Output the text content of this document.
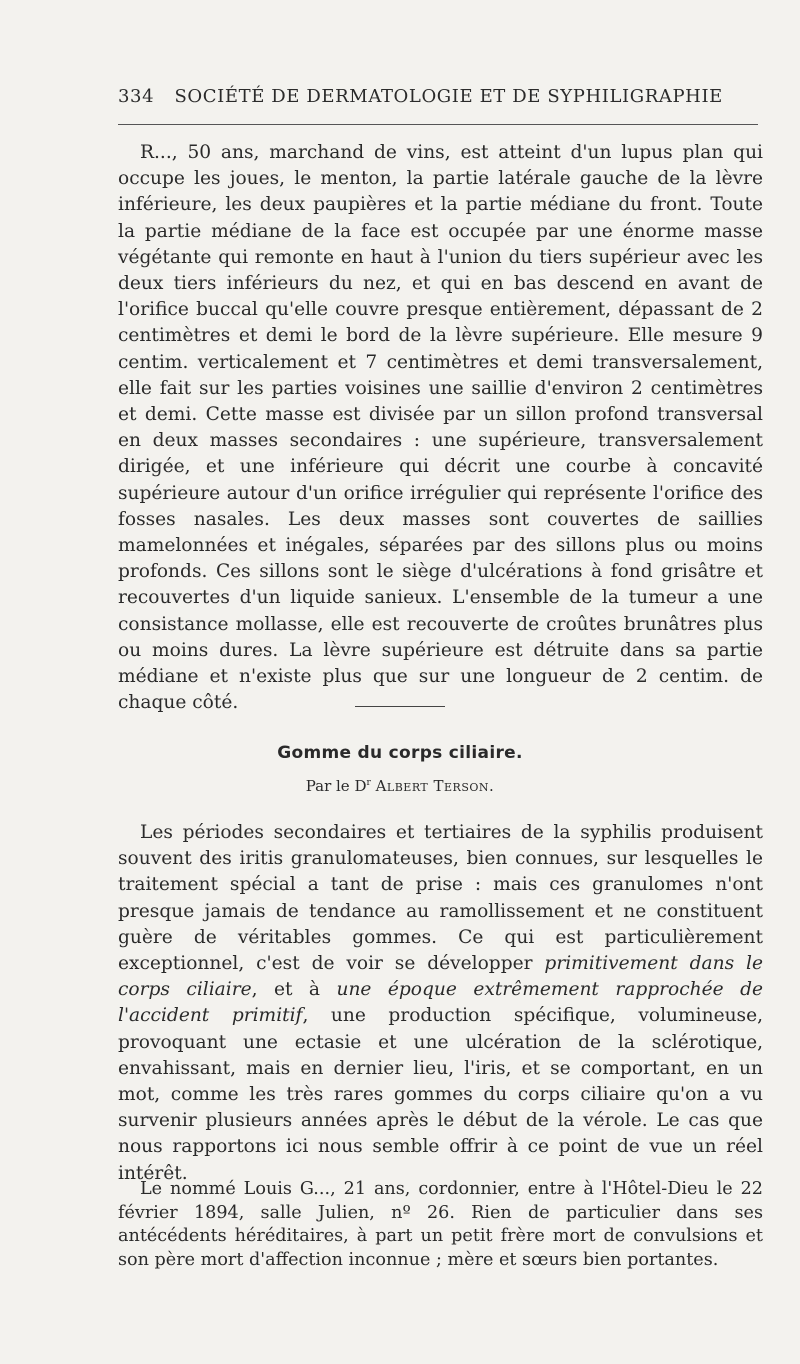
334 SOCIÉTÉ DE DERMATOLOGIE ET DE SYPHILIGRAPHIE

R..., 50 ans, marchand de vins, est atteint d'un lupus plan qui occupe les joues, le menton, la partie latérale gauche de la lèvre inférieure, les deux paupières et la partie médiane du front. Toute la partie médiane de la face est occupée par une énorme masse végétante qui remonte en haut à l'union du tiers supérieur avec les deux tiers inférieurs du nez, et qui en bas descend en avant de l'orifice buccal qu'elle couvre presque entièrement, dépassant de 2 centimètres et demi le bord de la lèvre supérieure. Elle mesure 9 centim. verticalement et 7 centimètres et demi transversalement, elle fait sur les parties voisines une saillie d'environ 2 centimètres et demi. Cette masse est divisée par un sillon profond transversal en deux masses secondaires : une supérieure, transversalement dirigée, et une inférieure qui décrit une courbe à concavité supérieure autour d'un orifice irrégulier qui représente l'orifice des fosses nasales. Les deux masses sont couvertes de saillies mamelonnées et inégales, séparées par des sillons plus ou moins profonds. Ces sillons sont le siège d'ulcérations à fond grisâtre et recouvertes d'un liquide sanieux. L'ensemble de la tumeur a une consistance mollasse, elle est recouverte de croûtes brunâtres plus ou moins dures. La lèvre supérieure est détruite dans sa partie médiane et n'existe plus que sur une longueur de 2 centim. de chaque côté.

Gomme du corps ciliaire.
Par le $D^r$ Albert Terson.

Les périodes secondaires et tertiaires de la syphilis produisent souvent des iritis granulomateuses, bien connues, sur lesquelles le traitement spécial a tant de prise : mais ces granulomes n'ont presque jamais de tendance au ramollissement et ne constituent guère de véritables gommes. Ce qui est particulièrement exceptionnel, c'est de voir se développer primitivement dans le corps ciliaire, et à une époque extrêmement rapprochée de l'accident primitif, une production spécifique, volumineuse, provoquant une ectasie et une ulcération de la sclérotique, envahissant, mais en dernier lieu, l'iris, et se comportant, en un mot, comme les très rares gommes du corps ciliaire qu'on a vu survenir plusieurs années après le début de la vérole. Le cas que nous rapportons ici nous semble offrir à ce point de vue un réel intérêt.

Le nommé Louis G..., 21 ans, cordonnier, entre à l'Hôtel-Dieu le 22 février 1894, salle Julien, nº 26. Rien de particulier dans ses antécédents héréditaires, à part un petit frère mort de convulsions et son père mort d'affection inconnue ; mère et sœurs bien portantes.
